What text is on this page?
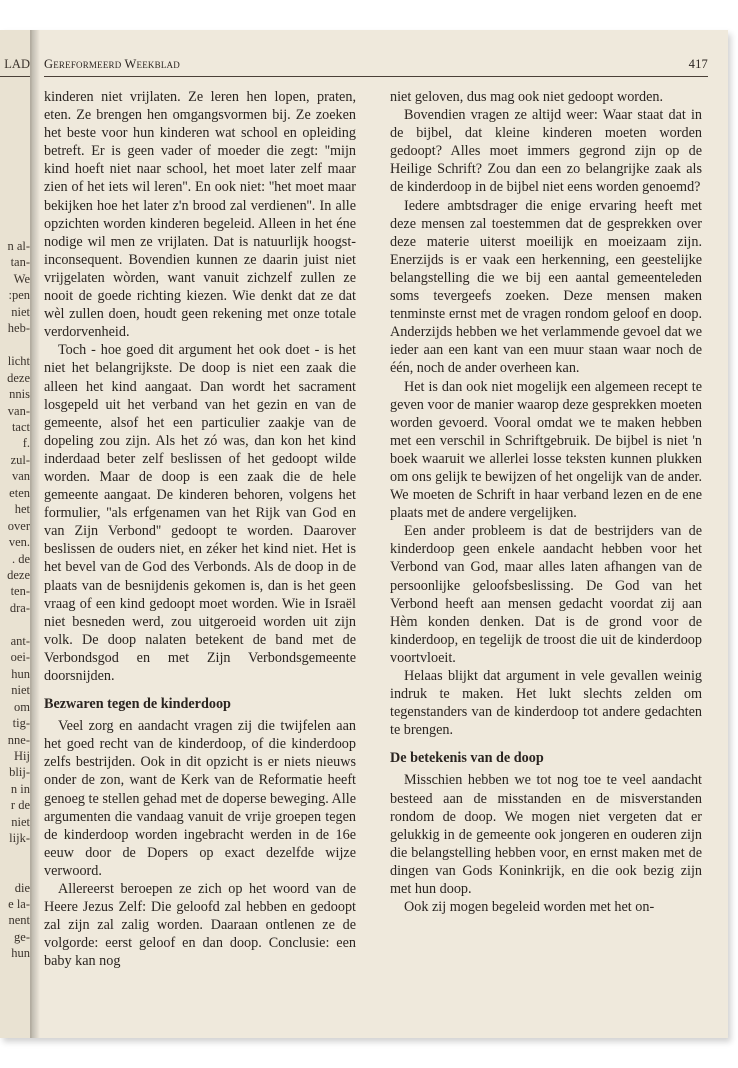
LAD
n al-
tan-
We
:pen
niet
heb-
licht
deze
nnis
van-
tact
f.
zul-
van
eten
het
over
ven.
. de
deze
ten-
dra-
ant-
oei-
hun
niet
om
tig-
nne-
Hij
blij-
n in
r de
niet
lijk-
die
e la-
nent
ge-
hun
Gereformeerd Weekblad	417

kinderen niet vrijlaten. Ze leren hen lopen, praten, eten. Ze brengen hen omgangsvormen bij. Ze zoeken het beste voor hun kinderen wat school en opleiding betreft. Er is geen vader of moeder die zegt: ''mijn kind hoeft niet naar school, het moet later zelf maar zien of het iets wil leren''. En ook niet: ''het moet maar bekijken hoe het later z'n brood zal verdienen''. In alle opzichten worden kinderen begeleid. Alleen in het éne nodige wil men ze vrijlaten. Dat is natuurlijk hoogst-inconsequent. Bovendien kunnen ze daarin juist niet vrijgelaten wòrden, want vanuit zichzelf zullen ze nooit de goede richting kiezen. Wie denkt dat ze dat wèl zullen doen, houdt geen rekening met onze totale verdorvenheid.

Toch - hoe goed dit argument het ook doet - is het niet het belangrijkste. De doop is niet een zaak die alleen het kind aangaat. Dan wordt het sacrament losgepeld uit het verband van het gezin en van de gemeente, alsof het een particulier zaakje van de dopeling zou zijn. Als het zó was, dan kon het kind inderdaad beter zelf beslissen of het gedoopt wilde worden. Maar de doop is een zaak die de hele gemeente aangaat. De kinderen behoren, volgens het formulier, ''als erfgenamen van het Rijk van God en van Zijn Verbond'' gedoopt te worden. Daarover beslissen de ouders niet, en zéker het kind niet. Het is het bevel van de God des Verbonds. Als de doop in de plaats van de besnijdenis gekomen is, dan is het geen vraag of een kind gedoopt moet worden. Wie in Israël niet besneden werd, zou uitgeroeid worden uit zijn volk. De doop nalaten betekent de band met de Verbondsgod en met Zijn Verbondsgemeente doorsnijden.

Bezwaren tegen de kinderdoop

Veel zorg en aandacht vragen zij die twijfelen aan het goed recht van de kinderdoop, of die kinderdoop zelfs bestrijden. Ook in dit opzicht is er niets nieuws onder de zon, want de Kerk van de Reformatie heeft genoeg te stellen gehad met de doperse beweging. Alle argumenten die vandaag vanuit de vrije groepen tegen de kinderdoop worden ingebracht werden in de 16e eeuw door de Dopers op exact dezelfde wijze verwoord.

Allereerst beroepen ze zich op het woord van de Heere Jezus Zelf: Die geloofd zal hebben en gedoopt zal zijn zal zalig worden. Daaraan ontlenen ze de volgorde: eerst geloof en dan doop. Conclusie: een baby kan nog

niet geloven, dus mag ook niet gedoopt worden.

Bovendien vragen ze altijd weer: Waar staat dat in de bijbel, dat kleine kinderen moeten worden gedoopt? Alles moet immers gegrond zijn op de Heilige Schrift? Zou dan een zo belangrijke zaak als de kinderdoop in de bijbel niet eens worden genoemd?

Iedere ambtsdrager die enige ervaring heeft met deze mensen zal toestemmen dat de gesprekken over deze materie uiterst moeilijk en moeizaam zijn. Enerzijds is er vaak een herkenning, een geestelijke belangstelling die we bij een aantal gemeenteleden soms tevergeefs zoeken. Deze mensen maken tenminste ernst met de vragen rondom geloof en doop. Anderzijds hebben we het verlammende gevoel dat we ieder aan een kant van een muur staan waar noch de één, noch de ander overheen kan.

Het is dan ook niet mogelijk een algemeen recept te geven voor de manier waarop deze gesprekken moeten worden gevoerd. Vooral omdat we te maken hebben met een verschil in Schriftgebruik. De bijbel is niet 'n boek waaruit we allerlei losse teksten kunnen plukken om ons gelijk te bewijzen of het ongelijk van de ander. We moeten de Schrift in haar verband lezen en de ene plaats met de andere vergelijken.

Een ander probleem is dat de bestrijders van de kinderdoop geen enkele aandacht hebben voor het Verbond van God, maar alles laten afhangen van de persoonlijke geloofsbeslissing. De God van het Verbond heeft aan mensen gedacht voordat zij aan Hèm konden denken. Dat is de grond voor de kinderdoop, en tegelijk de troost die uit de kinderdoop voortvloeit.

Helaas blijkt dat argument in vele gevallen weinig indruk te maken. Het lukt slechts zelden om tegenstanders van de kinderdoop tot andere gedachten te brengen.

De betekenis van de doop

Misschien hebben we tot nog toe te veel aandacht besteed aan de misstanden en de misverstanden rondom de doop. We mogen niet vergeten dat er gelukkig in de gemeente ook jongeren en ouderen zijn die belangstelling hebben voor, en ernst maken met de dingen van Gods Koninkrijk, en die ook bezig zijn met hun doop.

Ook zij mogen begeleid worden met het on-
